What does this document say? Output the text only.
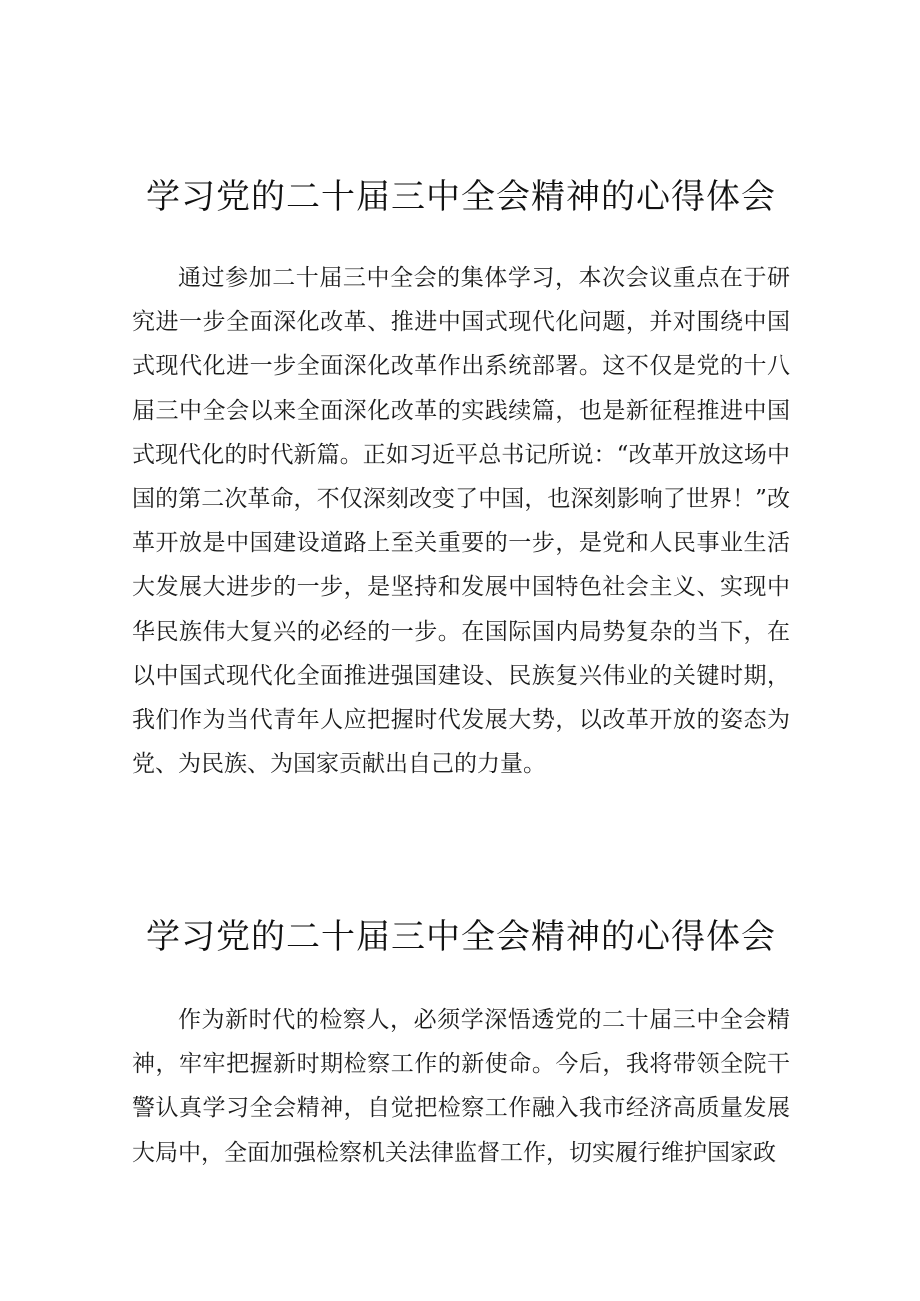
学习党的二十届三中全会精神的心得体会

通过参加二十届三中全会的集体学习，本次会议重点在于研究进一步全面深化改革、推进中国式现代化问题，并对围绕中国式现代化进一步全面深化改革作出系统部署。这不仅是党的十八届三中全会以来全面深化改革的实践续篇，也是新征程推进中国式现代化的时代新篇。正如习近平总书记所说：“改革开放这场中国的第二次革命，不仅深刻改变了中国，也深刻影响了世界！”改革开放是中国建设道路上至关重要的一步，是党和人民事业生活大发展大进步的一步，是坚持和发展中国特色社会主义、实现中华民族伟大复兴的必经的一步。在国际国内局势复杂的当下，在以中国式现代化全面推进强国建设、民族复兴伟业的关键时期，我们作为当代青年人应把握时代发展大势，以改革开放的姿态为党、为民族、为国家贡献出自己的力量。

学习党的二十届三中全会精神的心得体会

作为新时代的检察人，必须学深悟透党的二十届三中全会精神，牢牢把握新时期检察工作的新使命。今后，我将带领全院干警认真学习全会精神，自觉把检察工作融入我市经济高质量发展大局中，全面加强检察机关法律监督工作，切实履行维护国家政
